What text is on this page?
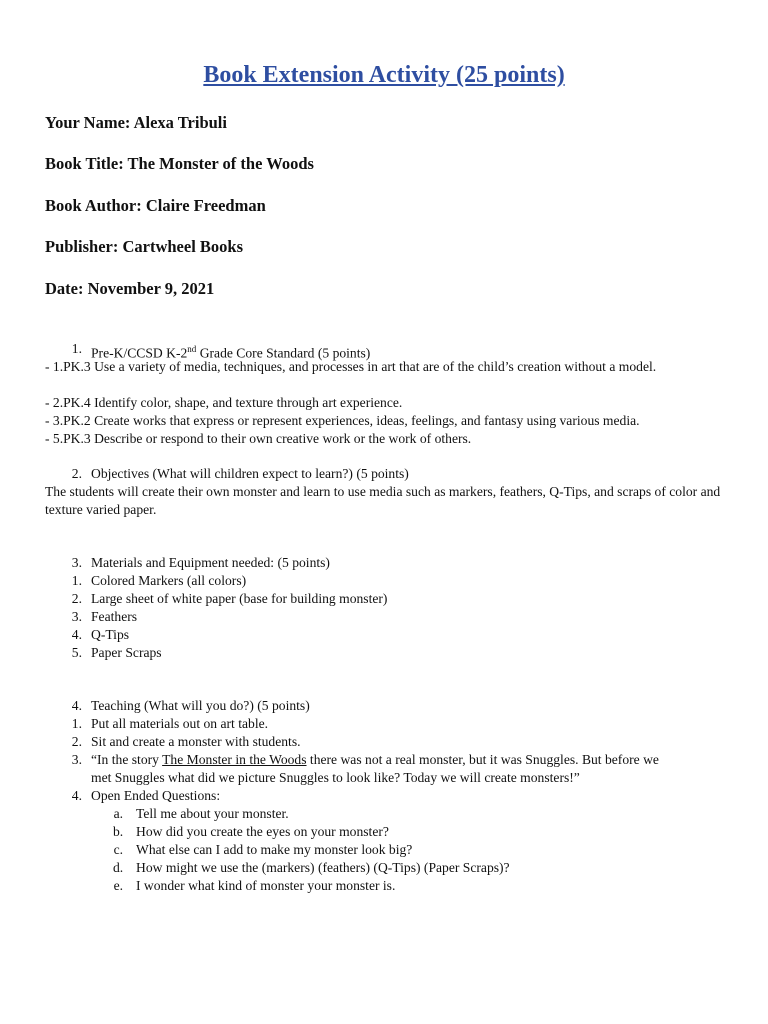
Book Extension Activity (25 points)
Your Name: Alexa Tribuli
Book Title: The Monster of the Woods
Book Author: Claire Freedman
Publisher: Cartwheel Books
Date: November 9, 2021
1. Pre-K/CCSD K-2nd Grade Core Standard (5 points)
- 1.PK.3 Use a variety of media, techniques, and processes in art that are of the child’s creation without a model.
- 2.PK.4 Identify color, shape, and texture through art experience.
- 3.PK.2 Create works that express or represent experiences, ideas, feelings, and fantasy using various media.
- 5.PK.3 Describe or respond to their own creative work or the work of others.
2. Objectives (What will children expect to learn?) (5 points)
The students will create their own monster and learn to use media such as markers, feathers, Q-Tips, and scraps of color and texture varied paper.
3. Materials and Equipment needed: (5 points)
1. Colored Markers (all colors)
2. Large sheet of white paper (base for building monster)
3. Feathers
4. Q-Tips
5. Paper Scraps
4. Teaching (What will you do?) (5 points)
1. Put all materials out on art table.
2. Sit and create a monster with students.
3. “In the story The Monster in the Woods there was not a real monster, but it was Snuggles. But before we
met Snuggles what did we picture Snuggles to look like? Today we will create monsters!”
4. Open Ended Questions:
a. Tell me about your monster.
b. How did you create the eyes on your monster?
c. What else can I add to make my monster look big?
d. How might we use the (markers) (feathers) (Q-Tips) (Paper Scraps)?
e. I wonder what kind of monster your monster is.
